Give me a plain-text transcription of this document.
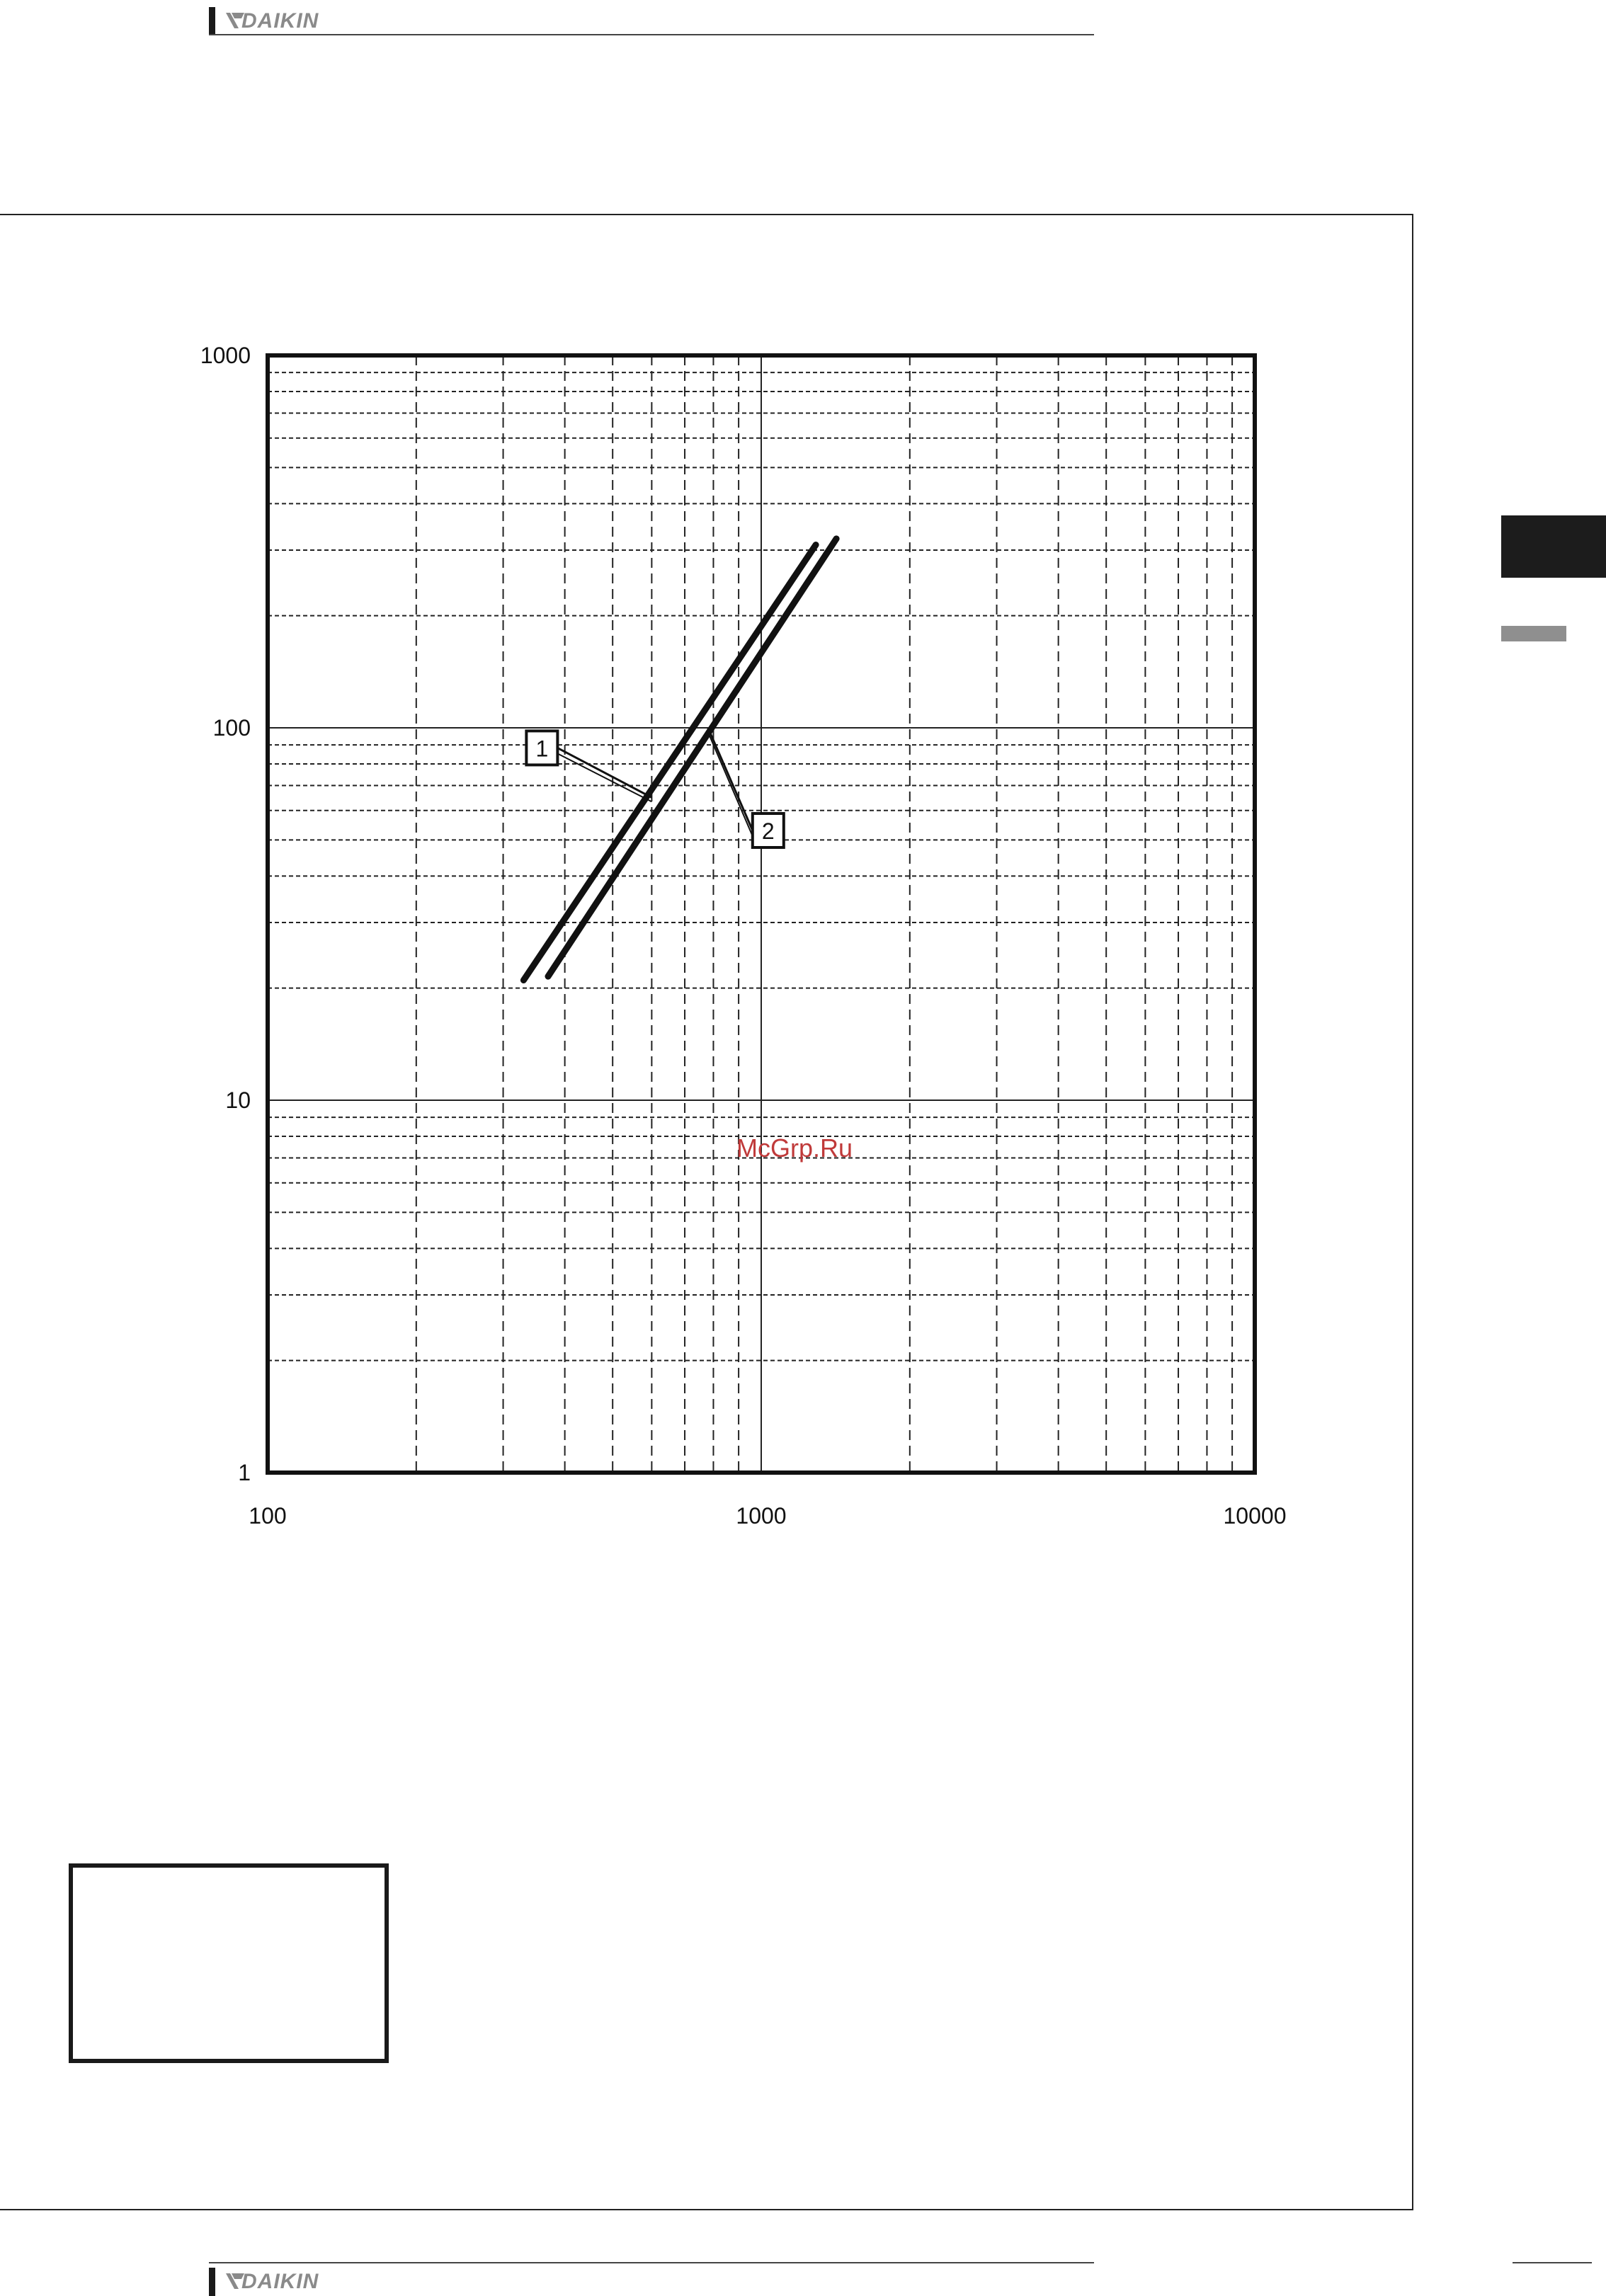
DAIKIN
1
2
1
10
100
1000
100	1000	10000
McGrp.Ru
DAIKIN
